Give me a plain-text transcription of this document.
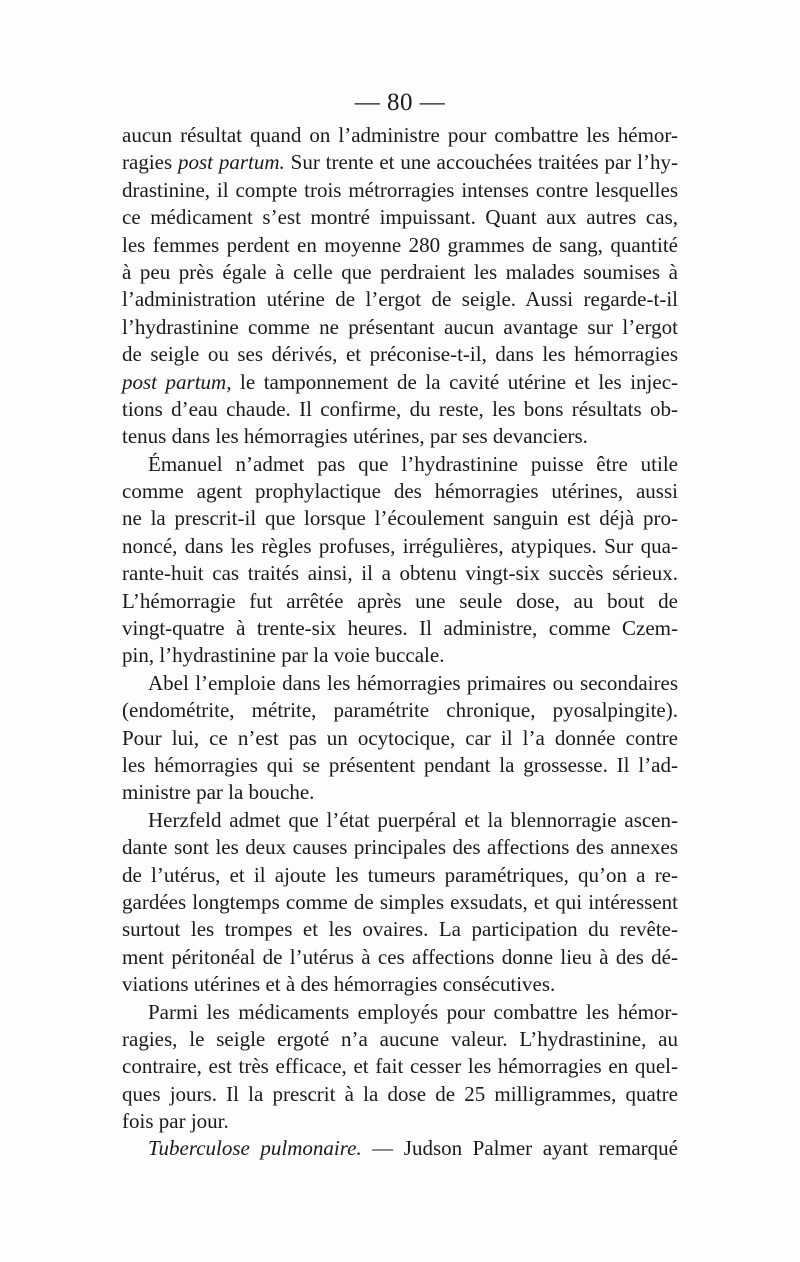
— 80 —
aucun résultat quand on l’administre pour combattre les hémor-
ragies post partum. Sur trente et une accouchées traitées par l’hy-
drastinine, il compte trois métrorragies intenses contre lesquelles
ce médicament s’est montré impuissant. Quant aux autres cas,
les femmes perdent en moyenne 280 grammes de sang, quantité
à peu près égale à celle que perdraient les malades soumises à
l’administration utérine de l’ergot de seigle. Aussi regarde-t-il
l’hydrastinine comme ne présentant aucun avantage sur l’ergot
de seigle ou ses dérivés, et préconise-t-il, dans les hémorragies
post partum, le tamponnement de la cavité utérine et les injec-
tions d’eau chaude. Il confirme, du reste, les bons résultats ob-
tenus dans les hémorragies utérines, par ses devanciers.
Émanuel n’admet pas que l’hydrastinine puisse être utile
comme agent prophylactique des hémorragies utérines, aussi
ne la prescrit-il que lorsque l’écoulement sanguin est déjà pro-
noncé, dans les règles profuses, irrégulières, atypiques. Sur qua-
rante-huit cas traités ainsi, il a obtenu vingt-six succès sérieux.
L’hémorragie fut arrêtée après une seule dose, au bout de
vingt-quatre à trente-six heures. Il administre, comme Czem-
pin, l’hydrastinine par la voie buccale.
Abel l’emploie dans les hémorragies primaires ou secondaires
(endométrite, métrite, paramétrite chronique, pyosalpingite).
Pour lui, ce n’est pas un ocytocique, car il l’a donnée contre
les hémorragies qui se présentent pendant la grossesse. Il l’ad-
ministre par la bouche.
Herzfeld admet que l’état puerpéral et la blennorragie ascen-
dante sont les deux causes principales des affections des annexes
de l’utérus, et il ajoute les tumeurs paramétriques, qu’on a re-
gardées longtemps comme de simples exsudats, et qui intéressent
surtout les trompes et les ovaires. La participation du revête-
ment péritonéal de l’utérus à ces affections donne lieu à des dé-
viations utérines et à des hémorragies consécutives.
Parmi les médicaments employés pour combattre les hémor-
ragies, le seigle ergoté n’a aucune valeur. L’hydrastinine, au
contraire, est très efficace, et fait cesser les hémorragies en quel-
ques jours. Il la prescrit à la dose de 25 milligrammes, quatre
fois par jour.
Tuberculose pulmonaire. — Judson Palmer ayant remarqué
